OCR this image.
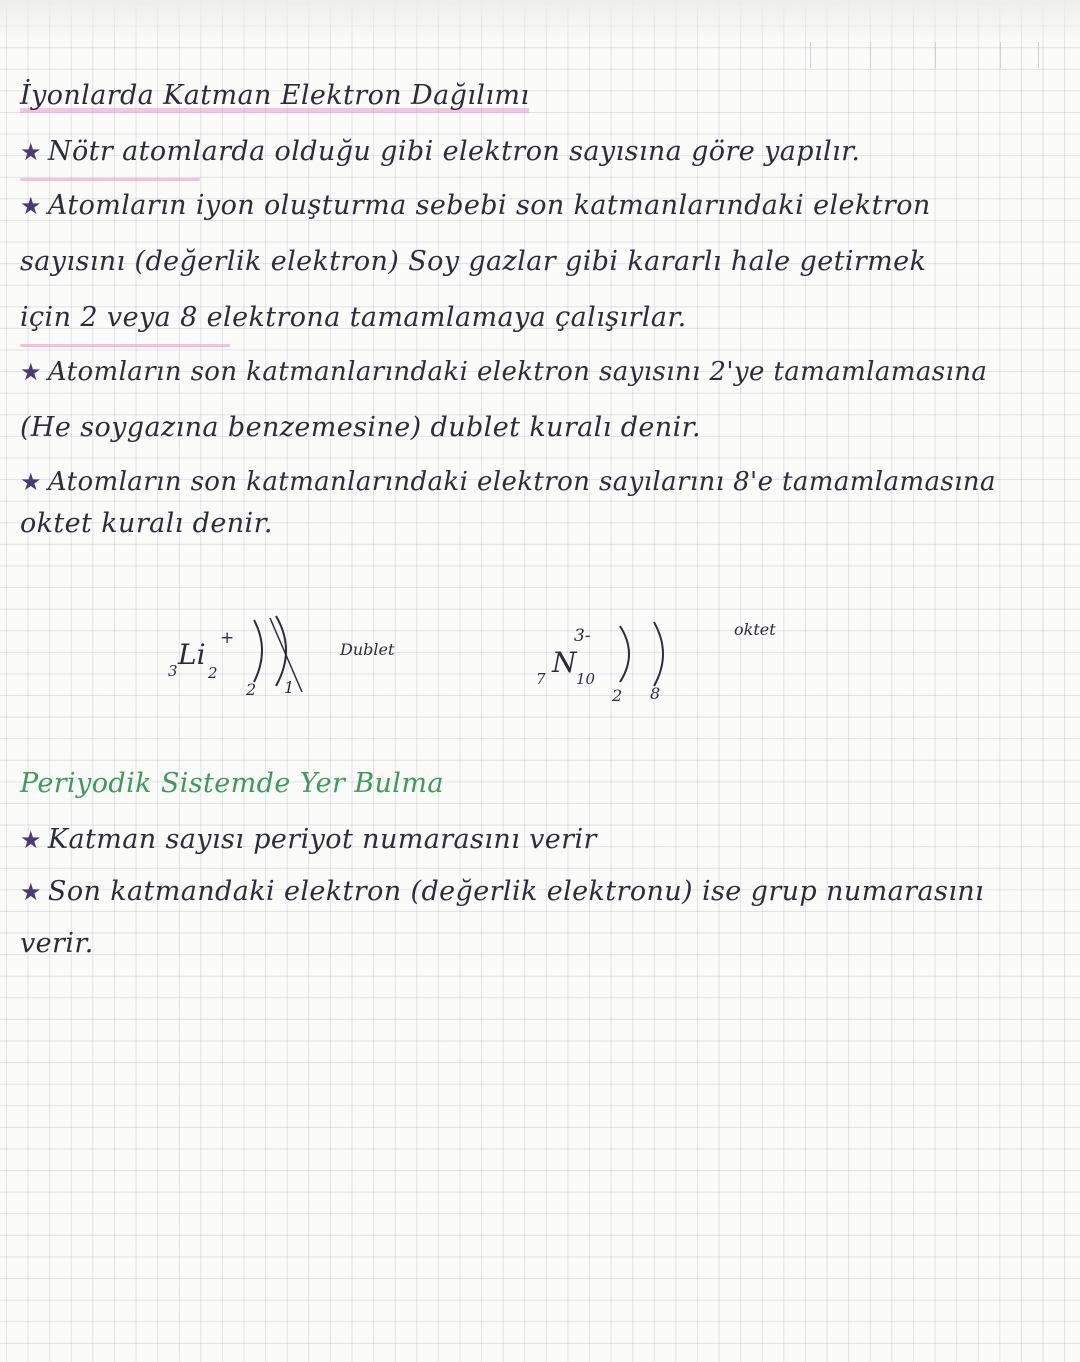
İyonlarda Katman Elektron Dağılımı
★ Nötr atomlarda olduğu gibi elektron sayısına göre yapılır.
★ Atomların iyon oluşturma sebebi son katmanlarındaki elektron
sayısını (değerlik elektron) Soy gazlar gibi kararlı hale getirmek
için 2 veya 8 elektrona tamamlamaya çalışırlar.
★ Atomların son katmanlarındaki elektron sayısını 2'ye tamamlamasına
(He soygazına benzemesine) dublet kuralı denir.
★ Atomların son katmanlarındaki elektron sayılarını 8'e tamamlamasına
oktet kuralı denir.
3 Li +
2
2 1
Dublet
7 N
3-
10
2 8
oktet
Periyodik Sistemde Yer Bulma
★ Katman sayısı periyot numarasını verir
★ Son katmandaki elektron (değerlik elektronu) ise grup numarasını
verir.
